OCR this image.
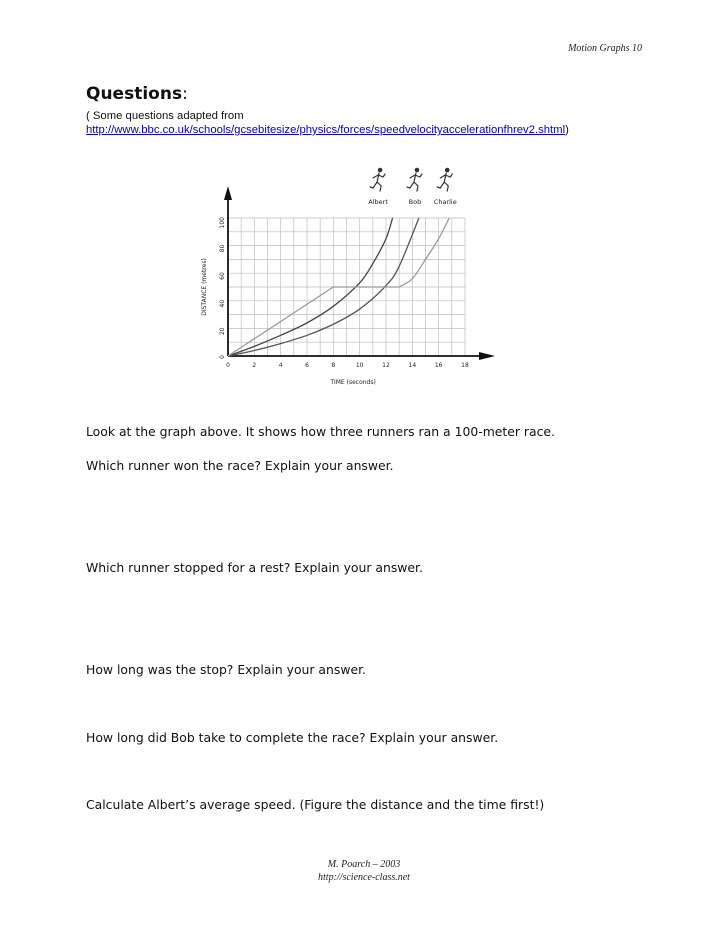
Motion Graphs 10
Questions:
( Some questions adapted from
http://www.bbc.co.uk/schools/gcsebitesize/physics/forces/speedvelocityaccelerationfhrev2.shtml)
0	2	4	6	8	10	12	14	16	18
0
20
40
60
80
100
TIME (seconds)
DISTANCE (metres)
Albert	Bob Charlie
Look at the graph above. It shows how three runners ran a 100-meter race.
Which runner won the race? Explain your answer.
Which runner stopped for a rest? Explain your answer.
How long was the stop? Explain your answer.
How long did Bob take to complete the race? Explain your answer.
Calculate Albert’s average speed. (Figure the distance and the time first!)
M. Poarch – 2003
http://science-class.net
